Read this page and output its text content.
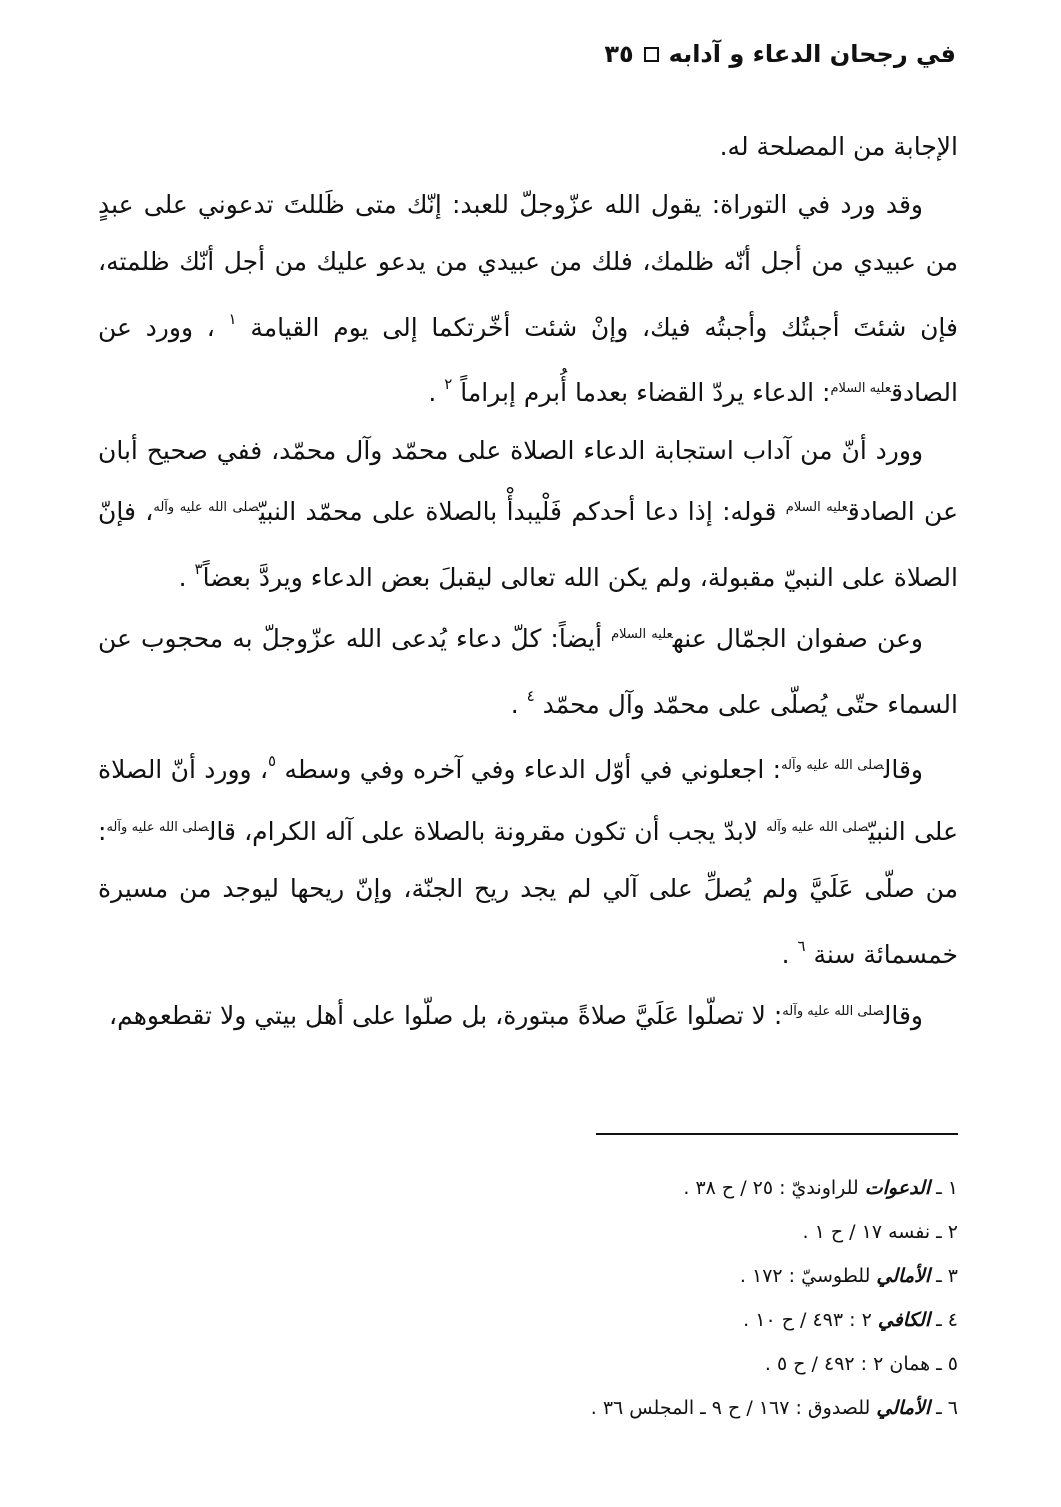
في رجحان الدعاء و آدابه
٣٥

الإجابة من المصلحة له.

وقد ورد في التوراة: يقول الله عزّوجلّ للعبد: إنّك متى ظَللتَ تدعوني على عبدٍ من عبيدي من أجل أنّه ظلمك، فلك من عبيدي من يدعو عليك من أجل أنّك ظلمته، فإن شئتَ أجبتُك وأجبتُه فيك، وإنْ شئت أخّرتكما إلى يوم القيامة $^١$ ، وورد عن الصادق$^{عليه السلام}$: الدعاء يردّ القضاء بعدما أُبرم إبراماً $^٢$ .

وورد أنّ من آداب استجابة الدعاء الصلاة على محمّد وآل محمّد، ففي صحيح أبان عن الصادق$^{عليه السلام}$ قوله: إذا دعا أحدكم فَلْيبدأْ بالصلاة على محمّد النبيّ$^{صلى الله عليه وآله}$، فإنّ الصلاة على النبيّ مقبولة، ولم يكن الله تعالى ليقبلَ بعض الدعاء ويردَّ بعضاً$^٣$ .

وعن صفوان الجمّال عنه$^{عليه السلام}$ أيضاً: كلّ دعاء يُدعى الله عزّوجلّ به محجوب عن السماء حتّى يُصلّى على محمّد وآل محمّد $^٤$ .

وقال$^{صلى الله عليه وآله}$: اجعلوني في أوّل الدعاء وفي آخره وفي وسطه $^٥$، وورد أنّ الصلاة على النبيّ$^{صلى الله عليه وآله}$ لابدّ يجب أن تكون مقرونة بالصلاة على آله الكرام، قال$^{صلى الله عليه وآله}$: من صلّى عَلَيَّ ولم يُصلِّ على آلي لم يجد ريح الجنّة، وإنّ ريحها ليوجد من مسيرة خمسمائة سنة $^٦$ .

وقال$^{صلى الله عليه وآله}$: لا تصلّوا عَلَيَّ صلاةً مبتورة، بل صلّوا على أهل بيتي ولا تقطعوهم،

١ ـ الدعوات للراونديّ : ٢٥ / ح ٣٨ .
٢ ـ نفسه ١٧ / ح ١ .
٣ ـ الأمالي للطوسيّ : ١٧٢ .
٤ ـ الكافي ٢ : ٤٩٣ / ح ١٠ .
٥ ـ همان ٢ : ٤٩٢ / ح ٥ .
٦ ـ الأمالي للصدوق : ١٦٧ / ح ٩ ـ المجلس ٣٦ .
